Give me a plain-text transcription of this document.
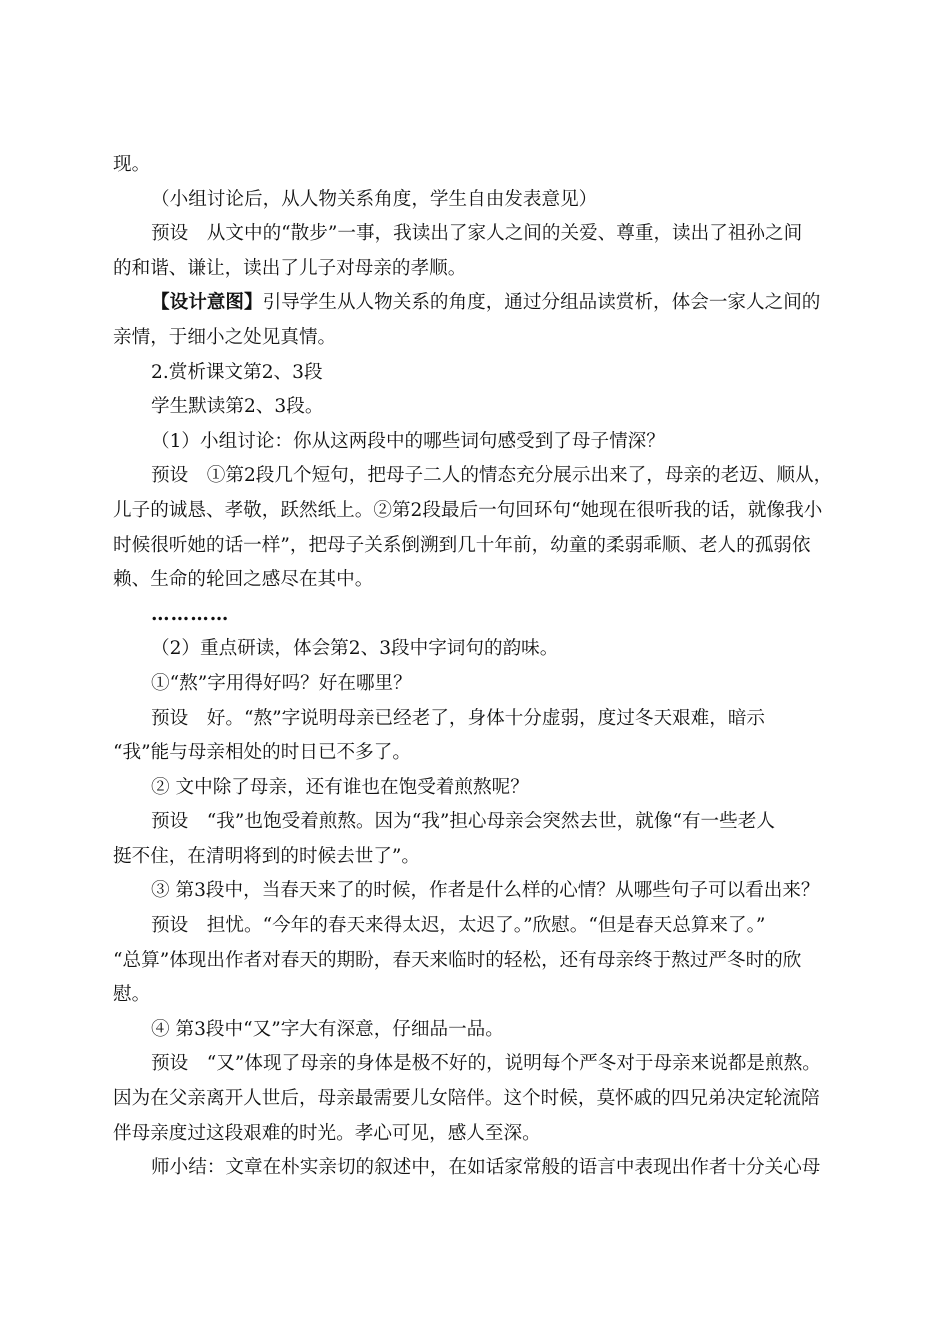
现。
（小组讨论后，从人物关系角度，学生自由发表意见）
预设　从文中的“散步”一事，我读出了家人之间的关爱、尊重，读出了祖孙之间
的和谐、谦让，读出了儿子对母亲的孝顺。
【设计意图】引导学生从人物关系的角度，通过分组品读赏析，体会一家人之间的
亲情，于细小之处见真情。
2.赏析课文第2、3段
学生默读第2、3段。
（1）小组讨论：你从这两段中的哪些词句感受到了母子情深？
预设　①第2段几个短句，把母子二人的情态充分展示出来了，母亲的老迈、顺从，
儿子的诚恳、孝敬，跃然纸上。②第2段最后一句回环句“她现在很听我的话，就像我小
时候很听她的话一样”，把母子关系倒溯到几十年前，幼童的柔弱乖顺、老人的孤弱依
赖、生命的轮回之感尽在其中。
…………
（2）重点研读，体会第2、3段中字词句的韵味。
①“熬”字用得好吗？好在哪里？
预设　好。“熬”字说明母亲已经老了，身体十分虚弱，度过冬天艰难，暗示
“我”能与母亲相处的时日已不多了。
② 文中除了母亲，还有谁也在饱受着煎熬呢？
预设　“我”也饱受着煎熬。因为“我”担心母亲会突然去世，就像“有一些老人
挺不住，在清明将到的时候去世了”。
③ 第3段中，当春天来了的时候，作者是什么样的心情？从哪些句子可以看出来？
预设　担忧。“今年的春天来得太迟，太迟了。”欣慰。“但是春天总算来了。”
“总算”体现出作者对春天的期盼，春天来临时的轻松，还有母亲终于熬过严冬时的欣
慰。
④ 第3段中“又”字大有深意，仔细品一品。
预设　“又”体现了母亲的身体是极不好的，说明每个严冬对于母亲来说都是煎熬。
因为在父亲离开人世后，母亲最需要儿女陪伴。这个时候，莫怀戚的四兄弟决定轮流陪
伴母亲度过这段艰难的时光。孝心可见，感人至深。
师小结：文章在朴实亲切的叙述中，在如话家常般的语言中表现出作者十分关心母
